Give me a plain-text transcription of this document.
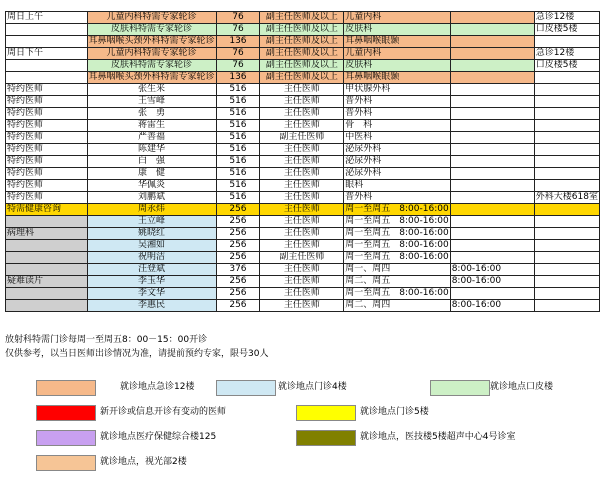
周日上午	儿童内科特需专家轮诊	76	副主任医师及以上	儿童内科		急诊12楼
	皮肤科特需专家轮诊	76	副主任医师及以上	皮肤科		口皮楼5楼
	耳鼻咽喉头颈外科特需专家轮诊	136	副主任医师及以上	耳鼻咽喉眼颞		
周日下午	儿童内科特需专家轮诊	76	副主任医师及以上	儿童内科		急诊12楼
	皮肤科特需专家轮诊	76	副主任医师及以上	皮肤科		口皮楼5楼
	耳鼻咽喉头颈外科特需专家轮诊	136	副主任医师及以上	耳鼻咽喉眼颞		
特约医师	张生来	516	主任医师	甲状腺外科		
特约医师	王雪峰	516	主任医师	普外科		
特约医师	张　勇	516	主任医师	普外科		
特约医师	蒋雷生	516	主任医师	骨　科		
特约医师	严善福	516	副主任医师	中医科		
特约医师	陈建华	516	主任医师	泌尿外科		
特约医师	白　强	516	主任医师	泌尿外科		
特约医师	康　健	516	主任医师	泌尿外科		
特约医师	华佩炎	516	主任医师	眼科		
特约医师	刘鹏斌	516	主任医师	普外科		外科大楼618室
特需健康咨询	周永炜	256	主任医师	周一至周五　8:00-16:00		
	王立峰	256	主任医师	周一至周五　8:00-16:00		
病理科	姚晓红	256	主任医师	周一至周五　8:00-16:00		
	吴湘如	256	主任医师	周一至周五　8:00-16:00		
	祝明洁	256	副主任医师	周一至周五　8:00-16:00		
	汪登斌	376	主任医师	周一、周四	8:00-16:00	
疑难读片	李玉华	256	主任医师	周二、周五	8:00-16:00	
	李文华	256	主任医师	周一至周五　8:00-16:00		
	李惠民	256	主任医师	周二、周四	8:00-16:00	
放射科特需门诊每周一至周五8：00－15：00开诊
仅供参考，以当日医师出诊情况为准，请提前预约专家，限号30人
就诊地点急诊12楼	就诊地点门诊4楼	就诊地点口皮楼
新开诊或信息开诊有变动的医师	就诊地点门诊5楼
就诊地点医疗保健综合楼125	就诊地点，医技楼5楼超声中心4号诊室
就诊地点，视光部2楼
